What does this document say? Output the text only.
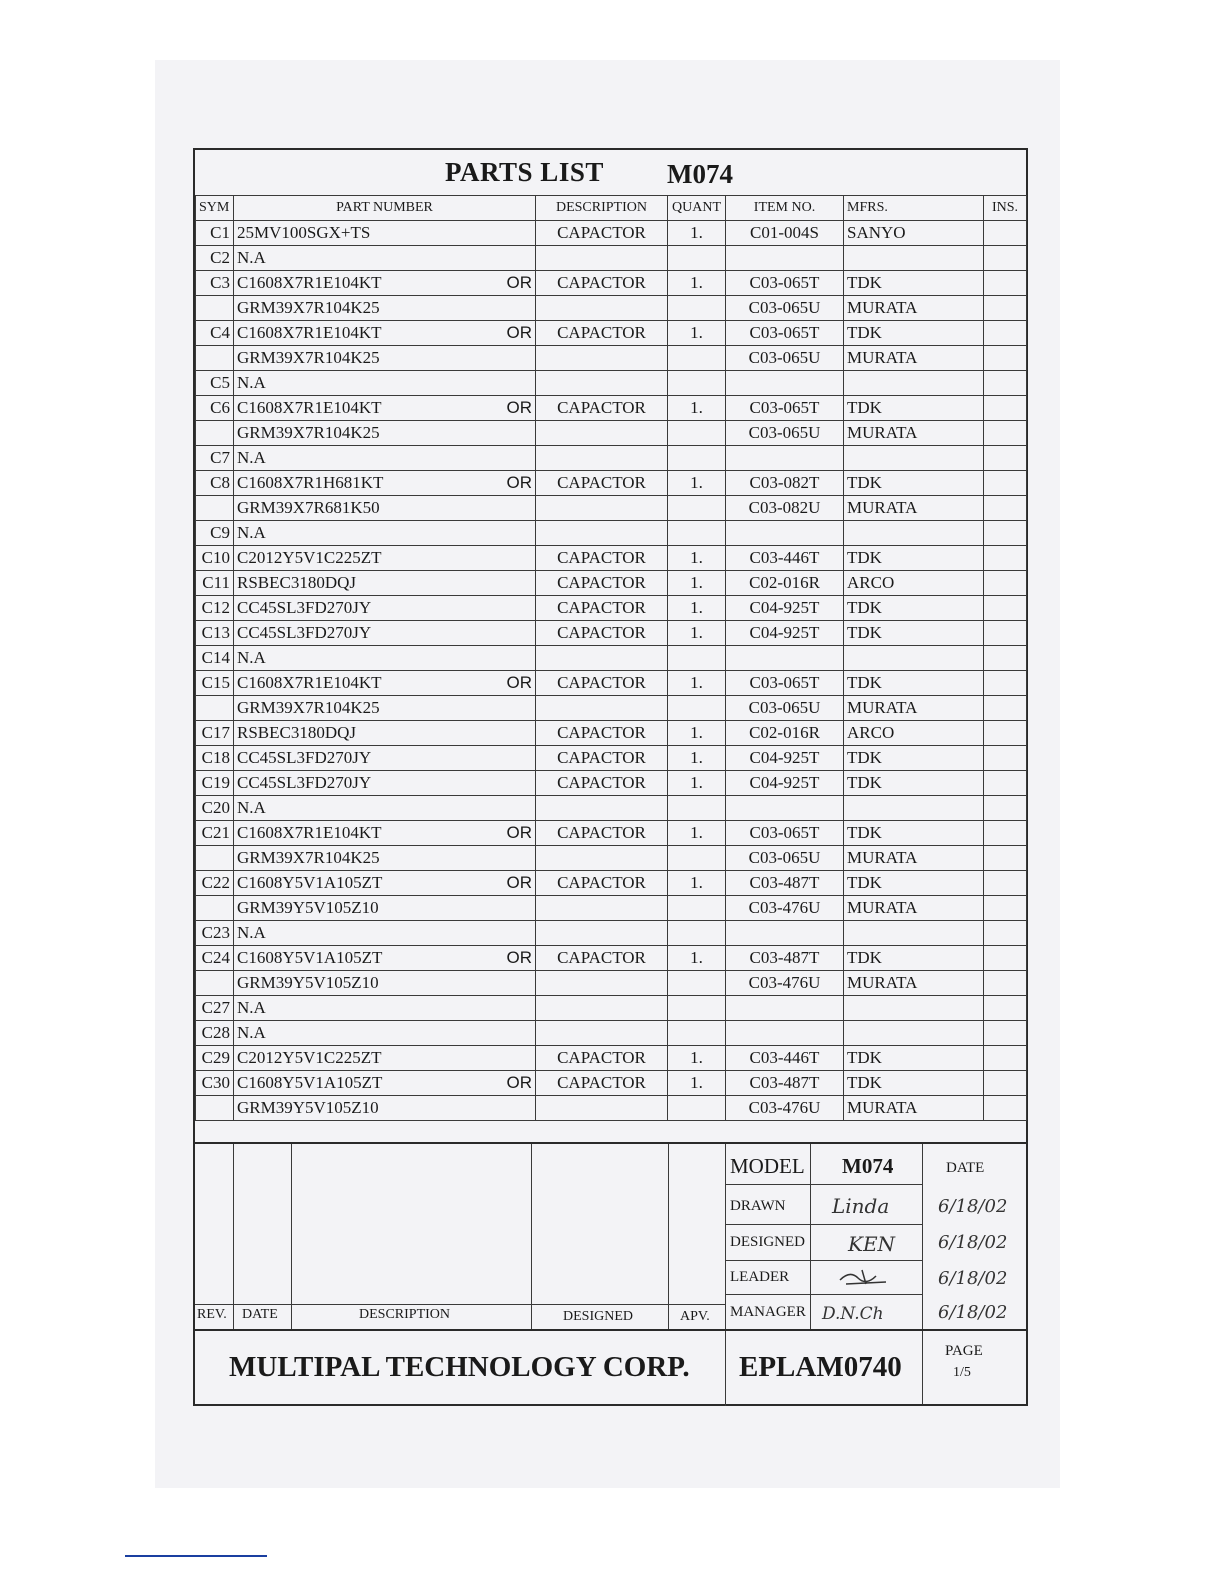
PARTS LIST M074
SYM	PART NUMBER	DESCRIPTION	QUANT	ITEM NO.	MFRS.	INS.
C1	25MV100SGX+TS	CAPACTOR	1.	C01-004S	SANYO	
C2	N.A					

C3	C1608X7R1E104KT OR	CAPACTOR	1.	C03-065T	TDK	

	GRM39X7R104K25			C03-065U	MURATA	
C4	C1608X7R1E104KT OR	CAPACTOR	1.	C03-065T	TDK	

	GRM39X7R104K25			C03-065U	MURATA	
C5	N.A					

C6	C1608X7R1E104KT OR	CAPACTOR	1.	C03-065T	TDK	

	GRM39X7R104K25			C03-065U	MURATA	
C7	N.A					

C8	C1608X7R1H681KT OR	CAPACTOR	1.	C03-082T	TDK	

	GRM39X7R681K50			C03-082U	MURATA	
C9	N.A					

C10	C2012Y5V1C225ZT	CAPACTOR	1.	C03-446T	TDK	
C11	RSBEC3180DQJ	CAPACTOR	1.	C02-016R	ARCO	
C12	CC45SL3FD270JY	CAPACTOR	1.	C04-925T	TDK	
C13	CC45SL3FD270JY	CAPACTOR	1.	C04-925T	TDK	
C14	N.A					

C15	C1608X7R1E104KT OR	CAPACTOR	1.	C03-065T	TDK	

	GRM39X7R104K25			C03-065U	MURATA	
C17	RSBEC3180DQJ	CAPACTOR	1.	C02-016R	ARCO	
C18	CC45SL3FD270JY	CAPACTOR	1.	C04-925T	TDK	
C19	CC45SL3FD270JY	CAPACTOR	1.	C04-925T	TDK	
C20	N.A					

C21	C1608X7R1E104KT OR	CAPACTOR	1.	C03-065T	TDK	

	GRM39X7R104K25			C03-065U	MURATA	
C22	C1608Y5V1A105ZT OR	CAPACTOR	1.	C03-487T	TDK	

	GRM39Y5V105Z10			C03-476U	MURATA	
C23	N.A					

C24	C1608Y5V1A105ZT OR	CAPACTOR	1.	C03-487T	TDK	

	GRM39Y5V105Z10			C03-476U	MURATA	
C27	N.A					

C28	N.A					

C29	C2012Y5V1C225ZT	CAPACTOR	1.	C03-446T	TDK	
C30	C1608Y5V1A105ZT OR	CAPACTOR	1.	C03-487T	TDK	

	GRM39Y5V105Z10			C03-476U	MURATA	
REV. DATE	DESCRIPTION	DESIGNED	APV.
MODEL M074	DATE
DRAWN Linda	6/18/02
DESIGNED KEN 6/18/02
LEADER	6/18/02
MANAGER D.N.Ch	6/18/02
MULTIPAL TECHNOLOGY CORP. EPLAM0740	PAGE
1/5
